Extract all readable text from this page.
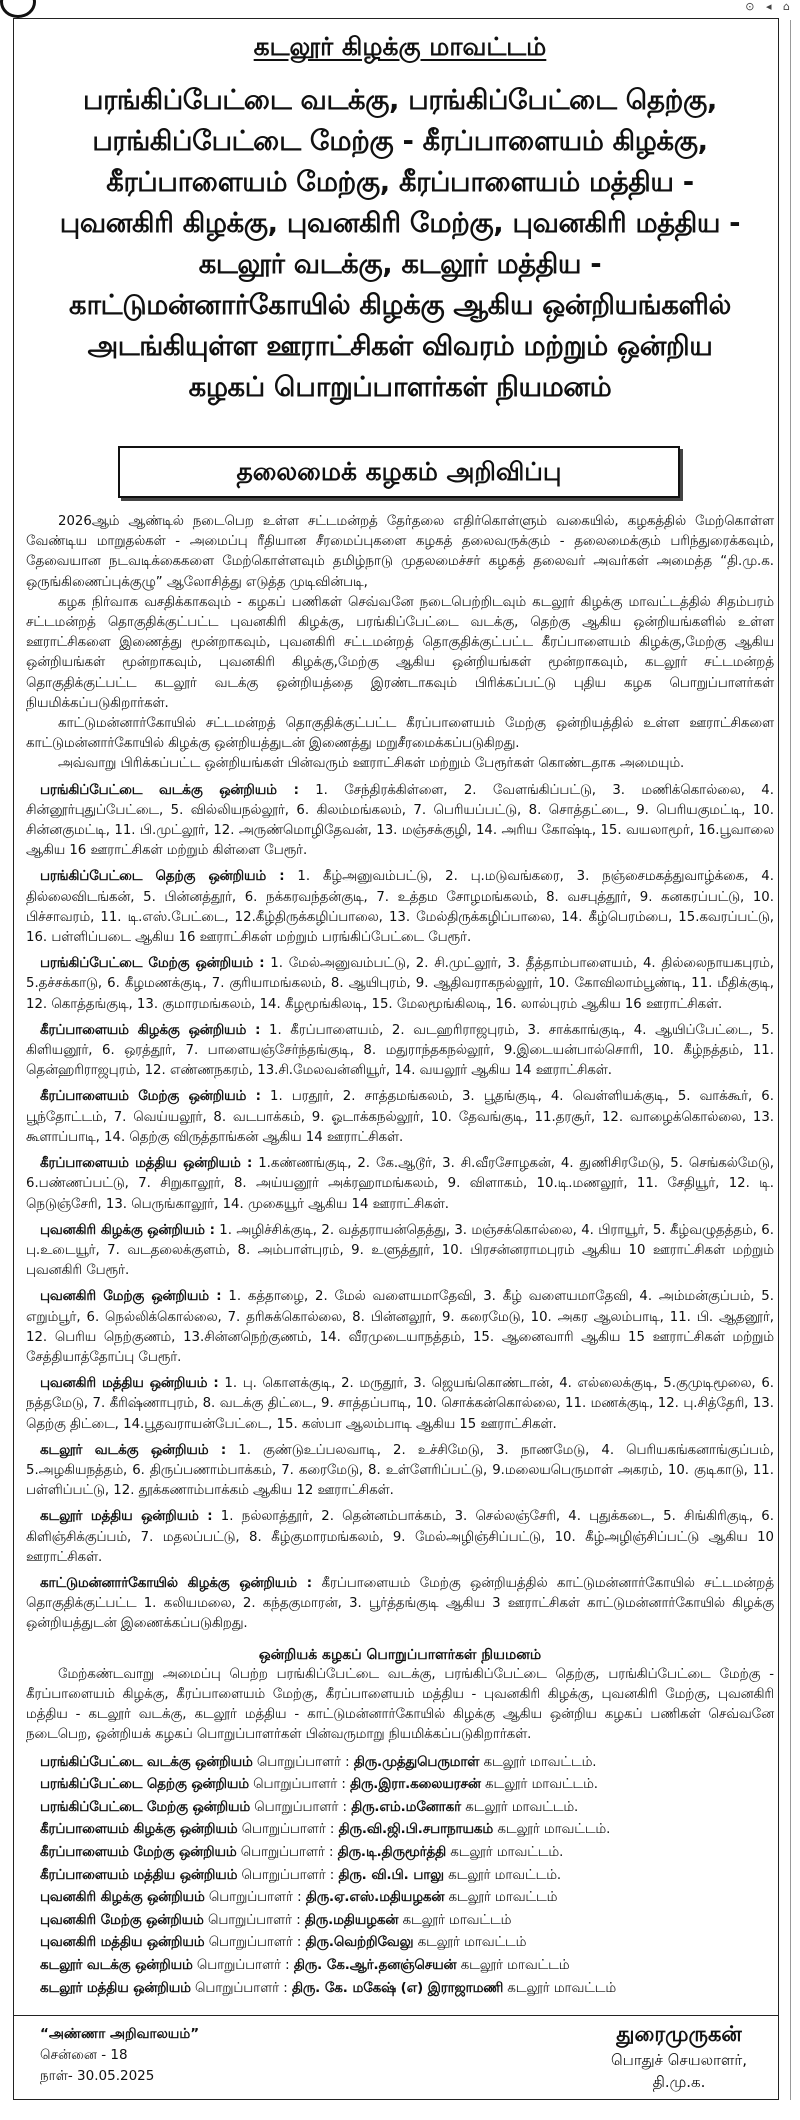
⊙ ◂ ⌂
கடலூர் கிழக்கு மாவட்டம்
பரங்கிப்பேட்டை வடக்கு, பரங்கிப்பேட்டை தெற்கு,
பரங்கிப்பேட்டை மேற்கு - கீரப்பாளையம் கிழக்கு,
கீரப்பாளையம் மேற்கு, கீரப்பாளையம் மத்திய -
புவனகிரி கிழக்கு, புவனகிரி மேற்கு, புவனகிரி மத்திய -
கடலூர் வடக்கு, கடலூர் மத்திய -
காட்டுமன்னார்கோயில் கிழக்கு ஆகிய ஒன்றியங்களில்
அடங்கியுள்ள ஊராட்சிகள் விவரம் மற்றும் ஒன்றிய
கழகப் பொறுப்பாளர்கள் நியமனம்
தலைமைக் கழகம் அறிவிப்பு

2026ஆம் ஆண்டில் நடைபெற உள்ள சட்டமன்றத் தேர்தலை எதிர்கொள்ளும் வகையில், கழகத்தில் மேற்கொள்ள வேண்டிய மாறுதல்கள் - அமைப்பு ரீதியான சீரமைப்புகளை கழகத் தலைவருக்கும் - தலைமைக்கும் பரிந்துரைக்கவும், தேவையான நடவடிக்கைகளை மேற்கொள்ளவும் தமிழ்நாடு முதலமைச்சர் கழகத் தலைவர் அவர்கள் அமைத்த “தி.மு.க. ஒருங்கிணைப்புக்குழு” ஆலோசித்து எடுத்த முடிவின்படி,

கழக நிர்வாக வசதிக்காகவும் - கழகப் பணிகள் செவ்வனே நடைபெற்றிடவும் கடலூர் கிழக்கு மாவட்டத்தில் சிதம்பரம் சட்டமன்றத் தொகுதிக்குட்பட்ட புவனகிரி கிழக்கு, பரங்கிப்பேட்டை வடக்கு, தெற்கு ஆகிய ஒன்றியங்களில் உள்ள ஊராட்சிகளை இணைத்து மூன்றாகவும், புவனகிரி சட்டமன்றத் தொகுதிக்குட்பட்ட கீரப்பாளையம் கிழக்கு,மேற்கு ஆகிய ஒன்றியங்கள் மூன்றாகவும், புவனகிரி கிழக்கு,மேற்கு ஆகிய ஒன்றியங்கள் மூன்றாகவும், கடலூர் சட்டமன்றத் தொகுதிக்குட்பட்ட கடலூர் வடக்கு ஒன்றியத்தை இரண்டாகவும் பிரிக்கப்பட்டு புதிய கழக பொறுப்பாளர்கள் நியமிக்கப்படுகிறார்கள்.

காட்டுமன்னார்கோயில் சட்டமன்றத் தொகுதிக்குட்பட்ட கீரப்பாளையம் மேற்கு ஒன்றியத்தில் உள்ள ஊராட்சிகளை காட்டுமன்னார்கோயில் கிழக்கு ஒன்றியத்துடன் இணைத்து மறுசீரமைக்கப்படுகிறது.

அவ்வாறு பிரிக்கப்பட்ட ஒன்றியங்கள் பின்வரும் ஊராட்சிகள் மற்றும் பேரூர்கள் கொண்டதாக அமையும்.

பரங்கிப்பேட்டை வடக்கு ஒன்றியம் : 1. சேந்திரக்கிள்ளை, 2. வேளங்கிப்பட்டு, 3. மணிக்கொல்லை, 4. சின்னூர்புதுப்பேட்டை, 5. வில்லியநல்லூர், 6. கிலம்மங்கலம், 7. பெரியப்பட்டு, 8. சொத்தட்டை, 9. பெரியகுமட்டி, 10. சின்னகுமட்டி, 11. பி.முட்லூர், 12. அருண்மொழிதேவன், 13. மஞ்சக்குழி, 14. அரிய கோஷ்டி, 15. வயலாமூர், 16.பூவாலை ஆகிய 16 ஊராட்சிகள் மற்றும் கிள்ளை பேரூர்.

பரங்கிப்பேட்டை தெற்கு ஒன்றியம் : 1. கீழ்அனுவம்பட்டு, 2. பு.மடுவங்கரை, 3. நஞ்சைமகத்துவாழ்க்கை, 4. தில்லைவிடங்கன், 5. பின்னத்தூர், 6. நக்கரவந்தன்குடி, 7. உத்தம சோழமங்கலம், 8. வசபுத்தூர், 9. கனகரப்பட்டு, 10. பிச்சாவரம், 11. டி.எஸ்.பேட்டை, 12.கீழ்திருக்கழிப்பாலை, 13. மேல்திருக்கழிப்பாலை, 14. கீழ்பெரம்பை, 15.கவரப்பட்டு, 16. பள்ளிப்படை ஆகிய 16 ஊராட்சிகள் மற்றும் பரங்கிப்பேட்டை பேரூர்.

பரங்கிப்பேட்டை மேற்கு ஒன்றியம் : 1. மேல்அனுவம்பட்டு, 2. சி.முட்லூர், 3. தீத்தாம்பாளையம், 4. தில்லைநாயகபுரம், 5.தச்சக்காடு, 6. கீழமணக்குடி, 7. குரியாமங்கலம், 8. ஆயிபுரம், 9. ஆதிவராகநல்லூர், 10. கோவிலாம்பூண்டி, 11. மீதிக்குடி, 12. கொத்தங்குடி, 13. குமாரமங்கலம், 14. கீழமூங்கிலடி, 15. மேலமூங்கிலடி, 16. லால்புரம் ஆகிய 16 ஊராட்சிகள்.

கீரப்பாளையம் கிழக்கு ஒன்றியம் : 1. கீரப்பாளையம், 2. வடஹரிராஜபுரம், 3. சாக்காங்குடி, 4. ஆயிப்பேட்டை, 5. கிளியனூர், 6. ஒரத்தூர், 7. பாளையஞ்சேர்ந்தங்குடி, 8. மதுராந்தகநல்லூர், 9.இடையன்பால்சொரி, 10. கீழ்நத்தம், 11. தென்ஹரிராஜபுரம், 12. எண்ணநகரம், 13.சி.மேலவன்னியூர், 14. வயலூர் ஆகிய 14 ஊராட்சிகள்.

கீரப்பாளையம் மேற்கு ஒன்றியம் : 1. பரதூர், 2. சாத்தமங்கலம், 3. பூதங்குடி, 4. வெள்ளியக்குடி, 5. வாக்கூர், 6. பூந்தோட்டம், 7. வெய்யலூர், 8. வடபாக்கம், 9. ஓடாக்கநல்லூர், 10. தேவங்குடி, 11.தரசூர், 12. வாழைக்கொல்லை, 13. கூளாப்பாடி, 14. தெற்கு விருத்தாங்கன் ஆகிய 14 ஊராட்சிகள்.

கீரப்பாளையம் மத்திய ஒன்றியம் : 1.கண்ணங்குடி, 2. கே.ஆடூர், 3. சி.வீரசோழகன், 4. துணிசிரமேடு, 5. செங்கல்மேடு, 6.பண்ணப்பட்டு, 7. சிறுகாலூர், 8. அய்யனூர் அக்ரஹாமங்கலம், 9. விளாகம், 10.டி.மணலூர், 11. சேதியூர், 12. டி. நெடுஞ்சேரி, 13. பெருங்காலூர், 14. முகையூர் ஆகிய 14 ஊராட்சிகள்.

புவனகிரி கிழக்கு ஒன்றியம் : 1. அழிச்சிக்குடி, 2. வத்தராயன்தெத்து, 3. மஞ்சக்கொல்லை, 4. பிராயூர், 5. கீழ்வழுதத்தம், 6. பு.உடையூர், 7. வடதலைக்குளம், 8. அம்பாள்புரம், 9. உளுத்தூர், 10. பிரசன்னராமபுரம் ஆகிய 10 ஊராட்சிகள் மற்றும் புவனகிரி பேரூர்.

புவனகிரி மேற்கு ஒன்றியம் : 1. கத்தாழை, 2. மேல் வளையமாதேவி, 3. கீழ் வளையமாதேவி, 4. அம்மன்குப்பம், 5. எறும்பூர், 6. நெல்லிக்கொல்லை, 7. தரிசுக்கொல்லை, 8. பின்னலூர், 9. கரைமேடு, 10. அகர ஆலம்பாடி, 11. பி. ஆதனூர், 12. பெரிய நெற்குணம், 13.சின்னநெற்குணம், 14. வீரமுடையாநத்தம், 15. ஆனைவாரி ஆகிய 15 ஊராட்சிகள் மற்றும் சேத்தியாத்தோப்பு பேரூர்.

புவனகிரி மத்திய ஒன்றியம் : 1. பு. கொளக்குடி, 2. மருதூர், 3. ஜெயங்கொண்டான், 4. எல்லைக்குடி, 5.குமுடிமூலை, 6. நத்தமேடு, 7. கீரிஷ்ணாபுரம், 8. வடக்கு திட்டை, 9. சாத்தப்பாடி, 10. சொக்கன்கொல்லை, 11. மணக்குடி, 12. பு.சித்தேரி, 13. தெற்கு திட்டை, 14.பூதவராயன்பேட்டை, 15. கஸ்பா ஆலம்பாடி ஆகிய 15 ஊராட்சிகள்.

கடலூர் வடக்கு ஒன்றியம் : 1. குண்டுஉப்பலவாடி, 2. உச்சிமேடு, 3. நாணமேடு, 4. பெரியகங்கனாங்குப்பம், 5.அழகியநத்தம், 6. திருப்பணாம்பாக்கம், 7. கரைமேடு, 8. உள்ளேரிப்பட்டு, 9.மலையபெருமாள் அகரம், 10. குடிகாடு, 11. பள்ளிப்பட்டு, 12. தூக்கணாம்பாக்கம் ஆகிய 12 ஊராட்சிகள்.

கடலூர் மத்திய ஒன்றியம் : 1. நல்லாத்தூர், 2. தென்னம்பாக்கம், 3. செல்லஞ்சேரி, 4. புதுக்கடை, 5. சிங்கிரிகுடி, 6. கிளிஞ்சிக்குப்பம், 7. மதலப்பட்டு, 8. கீழ்குமாரமங்கலம், 9. மேல்அழிஞ்சிப்பட்டு, 10. கீழ்அழிஞ்சிப்பட்டு ஆகிய 10 ஊராட்சிகள்.

காட்டுமன்னார்கோயில் கிழக்கு ஒன்றியம் : கீரப்பாளையம் மேற்கு ஒன்றியத்தில் காட்டுமன்னார்கோயில் சட்டமன்றத் தொகுதிக்குட்பட்ட 1. கலியமலை, 2. கந்தகுமாரன், 3. பூர்த்தங்குடி ஆகிய 3 ஊராட்சிகள் காட்டுமன்னார்கோயில் கிழக்கு ஒன்றியத்துடன் இணைக்கப்படுகிறது.

ஒன்றியக் கழகப் பொறுப்பாளர்கள் நியமனம்

மேற்கண்டவாறு அமைப்பு பெற்ற பரங்கிப்பேட்டை வடக்கு, பரங்கிப்பேட்டை தெற்கு, பரங்கிப்பேட்டை மேற்கு - கீரப்பாளையம் கிழக்கு, கீரப்பாளையம் மேற்கு, கீரப்பாளையம் மத்திய - புவனகிரி கிழக்கு, புவனகிரி மேற்கு, புவனகிரி மத்திய - கடலூர் வடக்கு, கடலூர் மத்திய - காட்டுமன்னார்கோயில் கிழக்கு ஆகிய ஒன்றிய கழகப் பணிகள் செவ்வனே நடைபெற, ஒன்றியக் கழகப் பொறுப்பாளர்கள் பின்வருமாறு நியமிக்கப்படுகிறார்கள்.

பரங்கிப்பேட்டை வடக்கு ஒன்றியம் பொறுப்பாளர் : திரு.முத்துபெருமாள் கடலூர் மாவட்டம்.
பரங்கிப்பேட்டை தெற்கு ஒன்றியம் பொறுப்பாளர் : திரு.இரா.கலையரசன் கடலூர் மாவட்டம்.
பரங்கிப்பேட்டை மேற்கு ஒன்றியம் பொறுப்பாளர் : திரு.எம்.மனோகர் கடலூர் மாவட்டம்.
கீரப்பாளையம் கிழக்கு ஒன்றியம் பொறுப்பாளர் : திரு.வி.ஜி.பி.சபாநாயகம் கடலூர் மாவட்டம்.
கீரப்பாளையம் மேற்கு ஒன்றியம் பொறுப்பாளர் : திரு.டி.திருமூர்த்தி கடலூர் மாவட்டம்.
கீரப்பாளையம் மத்திய ஒன்றியம் பொறுப்பாளர் : திரு. வி.பி. பாலு கடலூர் மாவட்டம்.
புவனகிரி கிழக்கு ஒன்றியம் பொறுப்பாளர் : திரு.ஏ.எஸ்.மதியழகன் கடலூர் மாவட்டம்
புவனகிரி மேற்கு ஒன்றியம் பொறுப்பாளர் : திரு.மதியழகன் கடலூர் மாவட்டம்
புவனகிரி மத்திய ஒன்றியம் பொறுப்பாளர் : திரு.வெற்றிவேலு கடலூர் மாவட்டம்
கடலூர் வடக்கு ஒன்றியம் பொறுப்பாளர் : திரு. கே.ஆர்.தனஞ்செயன் கடலூர் மாவட்டம்
கடலூர் மத்திய ஒன்றியம் பொறுப்பாளர் : திரு. கே. மகேஷ் (எ) இராஜாமணி கடலூர் மாவட்டம்
“அண்ணா அறிவாலயம்”
சென்னை - 18
நாள்- 30.05.2025
துரைமுருகன்
பொதுச் செயலாளர்,
தி.மு.க.
